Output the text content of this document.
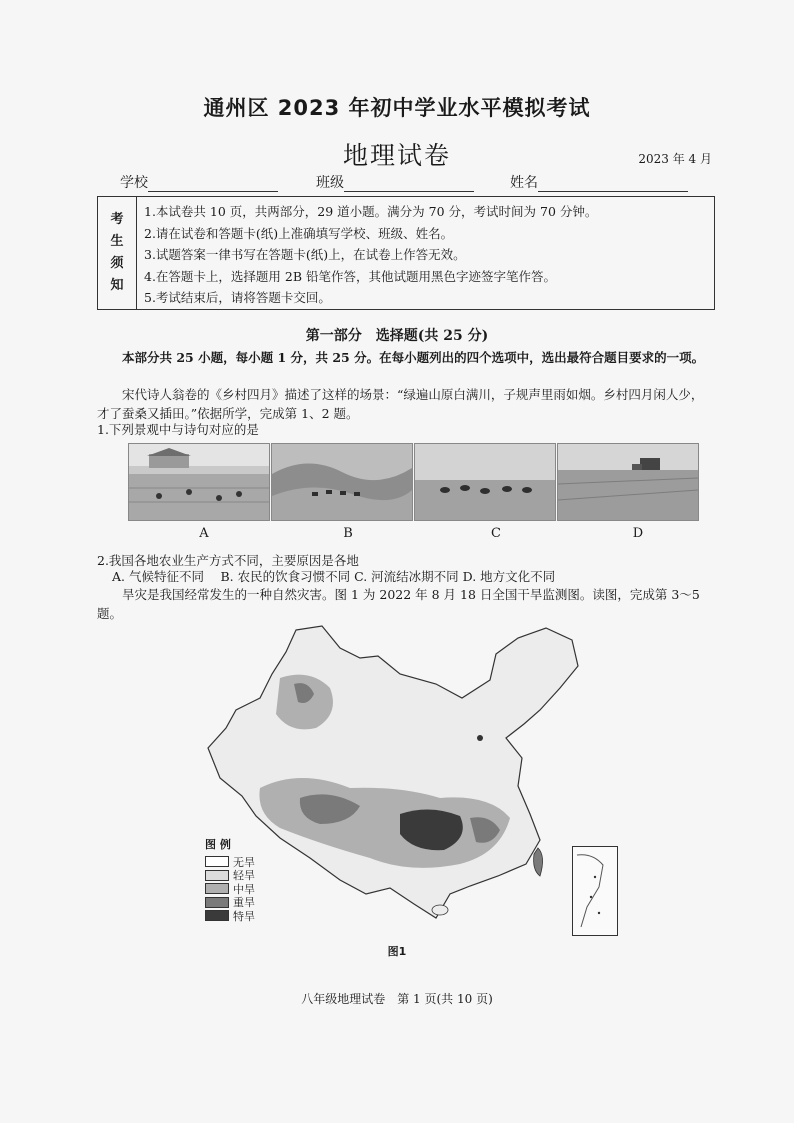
通州区 2023 年初中学业水平模拟考试
地理试卷	2023 年 4 月
学校	班级	姓名
考
生
须
知
1.本试卷共 10 页，共两部分，29 道小题。满分为 70 分，考试时间为 70 分钟。
2.请在试卷和答题卡(纸)上准确填写学校、班级、姓名。
3.试题答案一律书写在答题卡(纸)上，在试卷上作答无效。
4.在答题卡上，选择题用 2B 铅笔作答，其他试题用黑色字迹签字笔作答。
5.考试结束后，请将答题卡交回。
第一部分　选择题(共 25 分)
本部分共 25 小题，每小题 1 分，共 25 分。在每小题列出的四个选项中，选出最符合题目要求的一项。
宋代诗人翁卷的《乡村四月》描述了这样的场景：“绿遍山原白满川，子规声里雨如烟。乡村四月闲人少，才了蚕桑又插田。”依据所学，完成第 1、2 题。
1.下列景观中与诗句对应的是
A	B	C	D
2.我国各地农业生产方式不同，主要原因是各地
A. 气候特征不同　 B. 农民的饮食习惯不同 C. 河流结冰期不同 D. 地方文化不同
旱灾是我国经常发生的一种自然灾害。图 1 为 2022 年 8 月 18 日全国干旱监测图。读图，完成第 3～5 题。
图 例
无旱
轻旱
中旱
重旱
特旱
图1
八年级地理试卷　第 1 页(共 10 页)
